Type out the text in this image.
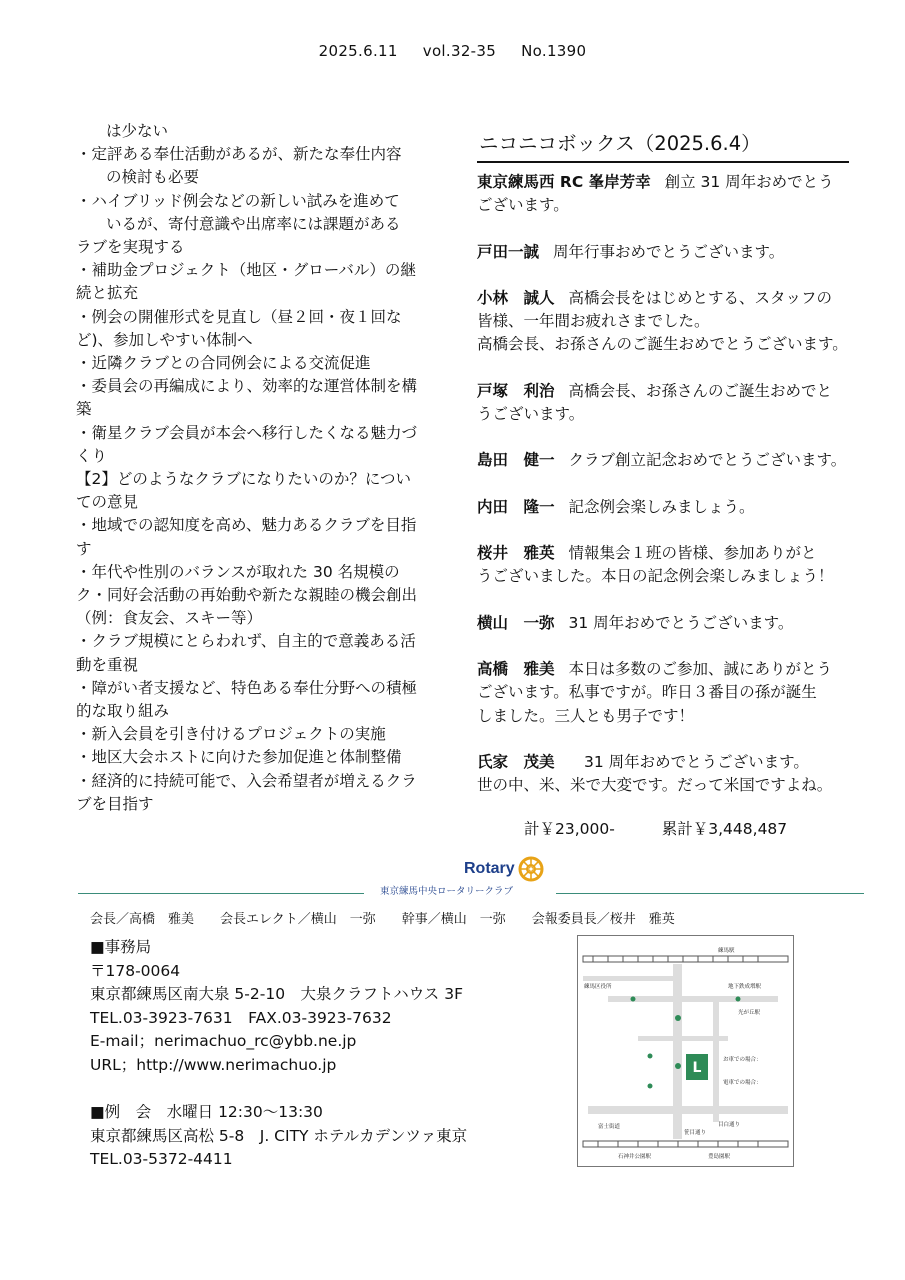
2025.6.11 vol.32-35 No.1390
は少ない
・定評ある奉仕活動があるが、新たな奉仕内容
の検討も必要
・ハイブリッド例会などの新しい試みを進めて
いるが、寄付意識や出席率には課題がある
ラブを実現する
・補助金プロジェクト（地区・グローバル）の継
続と拡充
・例会の開催形式を見直し（昼２回・夜１回な
ど)、参加しやすい体制へ
・近隣クラブとの合同例会による交流促進
・委員会の再編成により、効率的な運営体制を構
築
・衛星クラブ会員が本会へ移行したくなる魅力づ
くり
【2】どのようなクラブになりたいのか？につい
ての意見
・地域での認知度を高め、魅力あるクラブを目指
す
・年代や性別のバランスが取れた 30 名規模の
ク・同好会活動の再始動や新たな親睦の機会創出
（例：食友会、スキー等）
・クラブ規模にとらわれず、自主的で意義ある活
動を重視
・障がい者支援など、特色ある奉仕分野への積極
的な取り組み
・新入会員を引き付けるプロジェクトの実施
・地区大会ホストに向けた参加促進と体制整備
・経済的に持続可能で、入会希望者が増えるクラ
ブを目指す
ニコニコボックス（2025.6.4）
東京練馬西 RC 峯岸芳幸 創立 31 周年おめでとう
ございます。
戸田一誠 周年行事おめでとうございます。
小林　誠人 高橋会長をはじめとする、スタッフの
皆様、一年間お疲れさまでした。
高橋会長、お孫さんのご誕生おめでとうございます。
戸塚　利治 高橋会長、お孫さんのご誕生おめでと
うございます。
島田　健一 クラブ創立記念おめでとうございます。
内田　隆一 記念例会楽しみましょう。
桜井　雅英 情報集会１班の皆様、参加ありがと
うございました。本日の記念例会楽しみましょう！
横山　一弥 31 周年おめでとうございます。
高橋　雅美 本日は多数のご参加、誠にありがとう
ございます。私事ですが。昨日３番目の孫が誕生
しました。三人とも男子です！
氏家　茂美　31 周年おめでとうございます。
世の中、米、米で大変です。だって米国ですよね。
計￥23,000-	累計￥3,448,487
Rotary
東京練馬中央ロータリークラブ
会長／高橋　雅美 会長エレクト／横山　一弥 幹事／横山　一弥 会報委員長／桜井　雅英
■事務局
〒178-0064
東京都練馬区南大泉 5-2-10　大泉クラフトハウス 3F
TEL.03-3923-7631　FAX.03-3923-7632
E-mail；nerimachuo_rc@ybb.ne.jp
URL；http://www.nerimachuo.jp
■例　会　水曜日 12:30～13:30
東京都練馬区高松 5-8　J. CITY ホテルカデンツァ東京
TEL.03-5372-4411
L
練馬駅
練馬区役所	地下鉄成増駅
光が丘駅
富士街道	目白通り
笹目通り
石神井公園駅	豊島園駅
お車での場合：
電車での場合：
